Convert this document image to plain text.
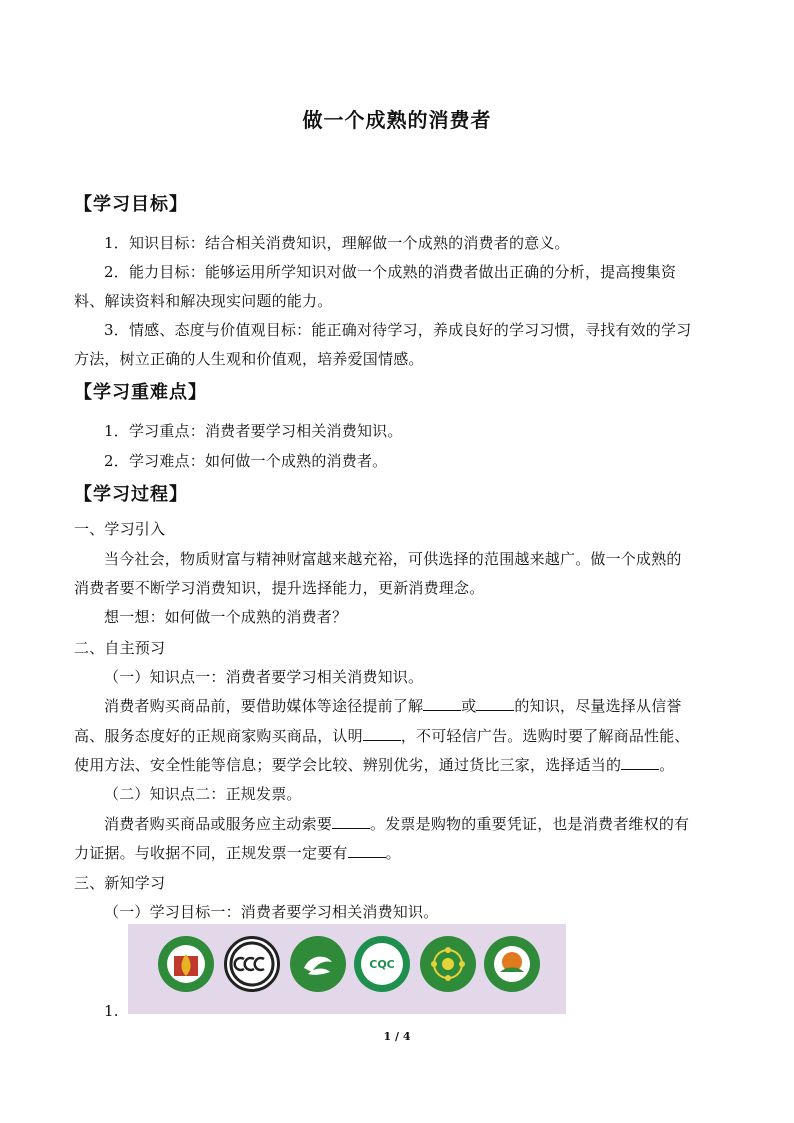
做一个成熟的消费者
【学习目标】
1．知识目标：结合相关消费知识，理解做一个成熟的消费者的意义。
2．能力目标：能够运用所学知识对做一个成熟的消费者做出正确的分析，提高搜集资
料、解读资料和解决现实问题的能力。
3．情感、态度与价值观目标：能正确对待学习，养成良好的学习习惯，寻找有效的学习
方法，树立正确的人生观和价值观，培养爱国情感。
【学习重难点】
1．学习重点：消费者要学习相关消费知识。
2．学习难点：如何做一个成熟的消费者。
【学习过程】
一、学习引入
当今社会，物质财富与精神财富越来越充裕，可供选择的范围越来越广。做一个成熟的
消费者要不断学习消费知识，提升选择能力，更新消费理念。
想一想：如何做一个成熟的消费者？
二、自主预习
（一）知识点一：消费者要学习相关消费知识。
消费者购买商品前，要借助媒体等途径提前了解	或	的知识，尽量选择从信誉
高、服务态度好的正规商家购买商品，认明	，不可轻信广告。选购时要了解商品性能、
使用方法、安全性能等信息；要学会比较、辨别优劣，通过货比三家，选择适当的	。
（二）知识点二：正规发票。
消费者购买商品或服务应主动索要	。发票是购物的重要凭证，也是消费者维权的有
力证据。与收据不同，正规发票一定要有	。
三、新知学习
（一）学习目标一：消费者要学习相关消费知识。
1.
CQC
1 / 4
